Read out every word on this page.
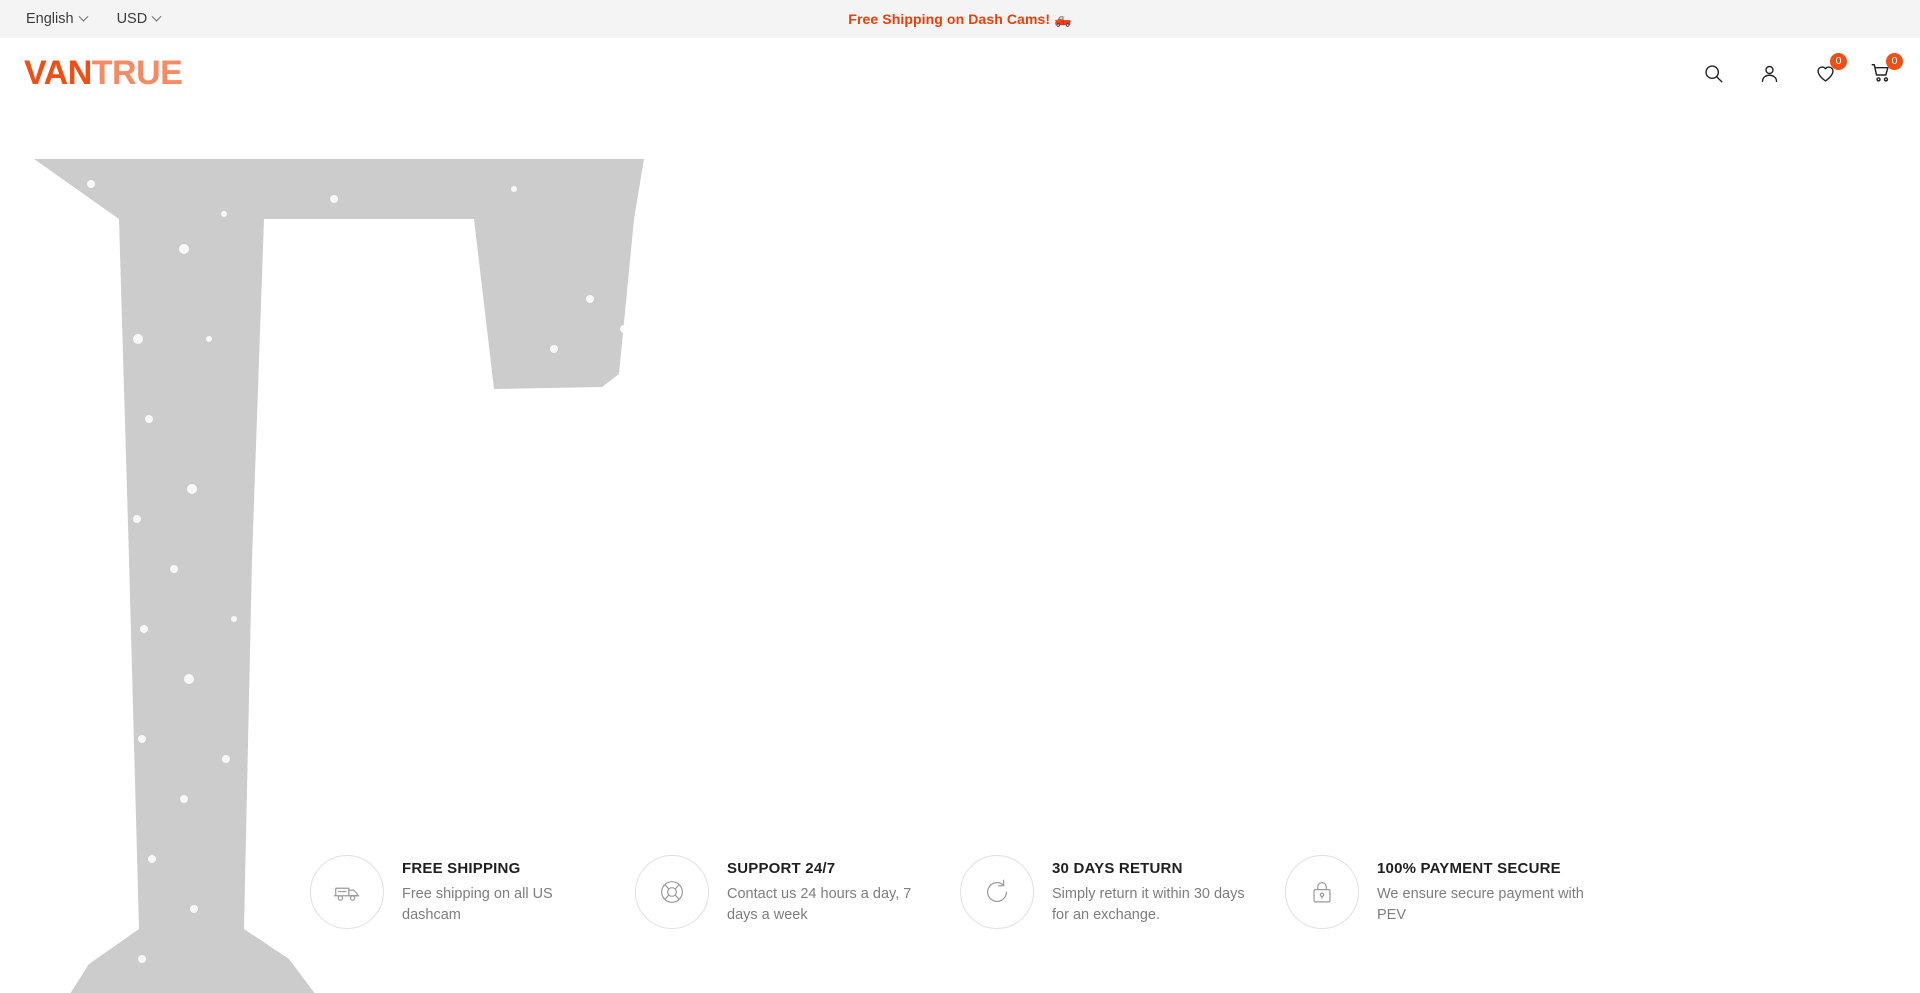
English	USD	Free Shipping on Dash Cams! 🛻
VANTRUE	0	0
FREE SHIPPING
Free shipping on all US dashcam
SUPPORT 24/7
Contact us 24 hours a day, 7 days a week
30 DAYS RETURN
Simply return it within 30 days for an exchange.
100% PAYMENT SECURE
We ensure secure payment with PEV
